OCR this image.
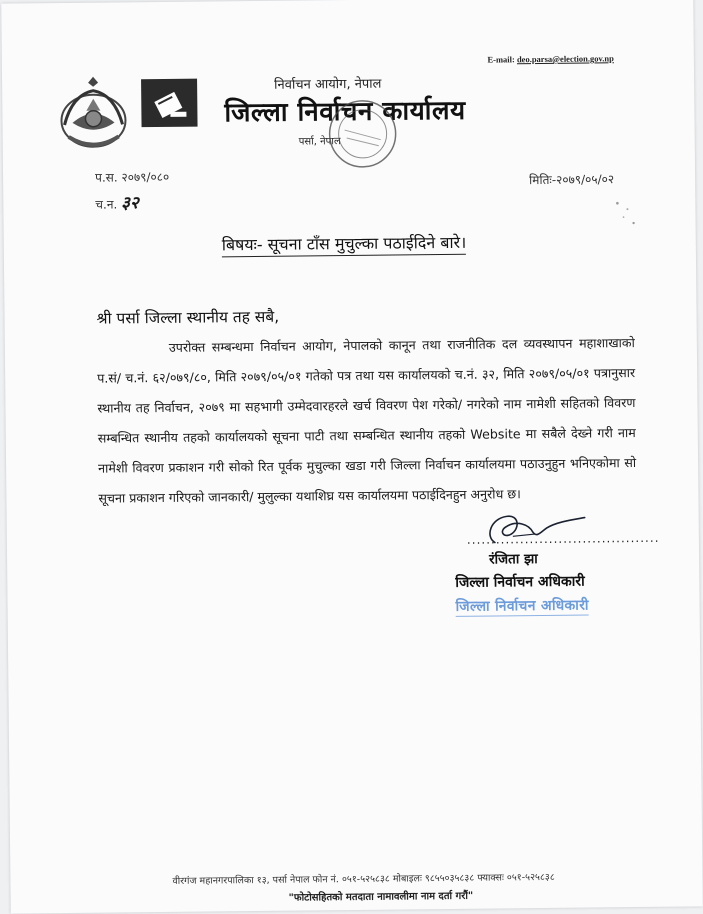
E-mail: deo.parsa@election.gov.np
निर्वाचन आयोग, नेपाल
जिल्ला निर्वाचन कार्यालय
पर्सा, नेपाल
प.स. २०७९/०८०
च.न. ३२
मितिः-२०७९/०५/०२
बिषयः- सूचना टाँस मुचुल्का पठाईदिने बारे।
श्री पर्सा जिल्ला स्थानीय तह सबै,
उपरोक्त सम्बन्धमा निर्वाचन आयोग, नेपालको कानून तथा राजनीतिक दल व्यवस्थापन महाशाखाको प.सं/ च.नं. ६२/०७९/८०, मिति २०७९/०५/०१ गतेको पत्र तथा यस कार्यालयको च.नं. ३२, मिति २०७९/०५/०१ पत्रानुसार स्थानीय तह निर्वाचन, २०७९ मा सहभागी उम्मेदवारहरले खर्च विवरण पेश गरेको/ नगरेको नाम नामेशी सहितको विवरण सम्बन्धित स्थानीय तहको कार्यालयको सूचना पाटी तथा सम्बन्धित स्थानीय तहको Website मा सबैले देख्ने गरी नाम नामेशी विवरण प्रकाशन गरी सोको रित पूर्वक मुचुल्का खडा गरी जिल्ला निर्वाचन कार्यालयमा पठाउनुहुन भनिएकोमा सो सूचना प्रकाशन गरिएको जानकारी/ मुलुल्का यथाशिघ्र यस कार्यालयमा पठाईदिनहुन अनुरोध छ।
........................................
रंजिता झा
जिल्ला निर्वाचन अधिकारी
जिल्ला निर्वाचन अधिकारी
वीरगंज महानगरपालिका १३, पर्सा नेपाल फोन नं. ०५१-५२५८३८ मोबाइलः ९८५५०३५८३८ फ्याक्सः ०५१-५२५८३८
"फोटोसहितको मतदाता नामावलीमा नाम दर्ता गरौं"
